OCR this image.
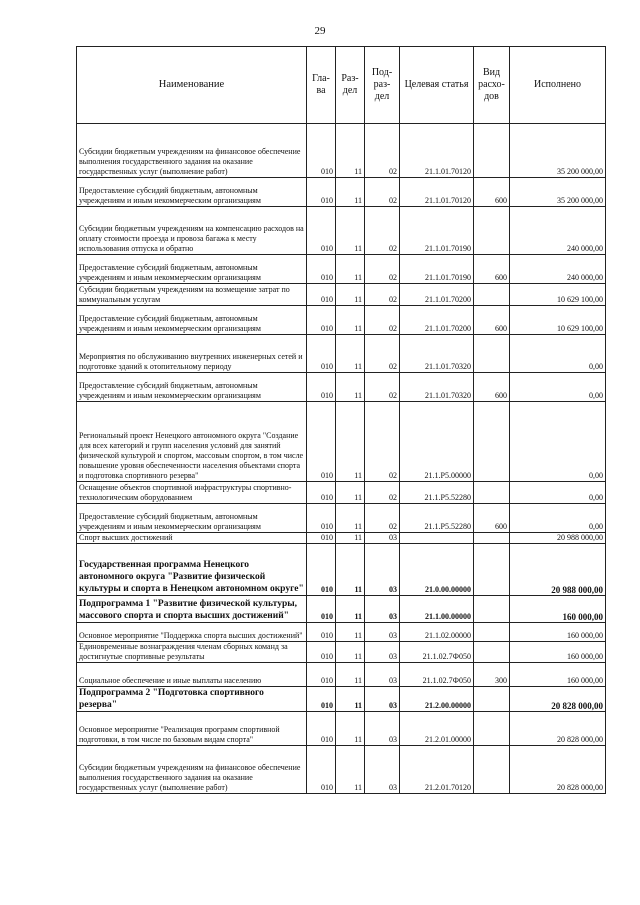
29
Наименование	Гла-ва	Раз-дел	Под-раз-дел	Целевая статья	Вид расхо-дов	Исполнено
Субсидии бюджетным учреждениям на финансовое обеспечение выполнения государственного задания на оказание государственных услуг (выполнение работ)	010	11	02	21.1.01.70120		35 200 000,00
Предоставление субсидий бюджетным, автономным учреждениям и иным некоммерческим организациям	010	11	02	21.1.01.70120	600	35 200 000,00
Субсидии бюджетным учреждениям на компенсацию расходов на оплату стоимости проезда и провоза багажа к месту использования отпуска и обратно	010	11	02	21.1.01.70190		240 000,00
Предоставление субсидий бюджетным, автономным учреждениям и иным некоммерческим организациям	010	11	02	21.1.01.70190	600	240 000,00
Субсидии бюджетным учреждениям на возмещение затрат по коммунальным услугам	010	11	02	21.1.01.70200		10 629 100,00
Предоставление субсидий бюджетным, автономным учреждениям и иным некоммерческим организациям	010	11	02	21.1.01.70200	600	10 629 100,00
Мероприятия по обслуживанию внутренних инженерных сетей и подготовке зданий к отопительному периоду	010	11	02	21.1.01.70320		0,00
Предоставление субсидий бюджетным, автономным учреждениям и иным некоммерческим организациям	010	11	02	21.1.01.70320	600	0,00
Региональный проект Ненецкого автономного округа "Создание для всех категорий и групп населения условий для занятий физической культурой и спортом, массовым спортом, в том числе повышение уровня обеспеченности населения объектами спорта и подготовка спортивного резерва"	010	11	02	21.1.P5.00000		0,00
Оснащение объектов спортивной инфраструктуры спортивно-технологическим оборудованием	010	11	02	21.1.P5.52280		0,00
Предоставление субсидий бюджетным, автономным учреждениям и иным некоммерческим организациям	010	11	02	21.1.P5.52280	600	0,00
Спорт высших достижений	010	11	03			20 988 000,00
Государственная программа Ненецкого автономного округа "Развитие физической культуры и спорта в Ненецком автономном округе"	010	11	03	21.0.00.00000		20 988 000,00
Подпрограмма 1 "Развитие физической культуры, массового спорта и спорта высших достижений"	010	11	03	21.1.00.00000		160 000,00
Основное мероприятие "Поддержка спорта высших достижений"	010	11	03	21.1.02.00000		160 000,00
Единовременные вознаграждения членам сборных команд за достигнутые спортивные результаты	010	11	03	21.1.02.7Ф050		160 000,00
Социальное обеспечение и иные выплаты населению	010	11	03	21.1.02.7Ф050	300	160 000,00
Подпрограмма 2 "Подготовка спортивного резерва"	010	11	03	21.2.00.00000		20 828 000,00
Основное мероприятие "Реализация программ спортивной подготовки, в том числе по базовым видам спорта"	010	11	03	21.2.01.00000		20 828 000,00
Субсидии бюджетным учреждениям на финансовое обеспечение выполнения государственного задания на оказание государственных услуг (выполнение работ)	010	11	03	21.2.01.70120		20 828 000,00
